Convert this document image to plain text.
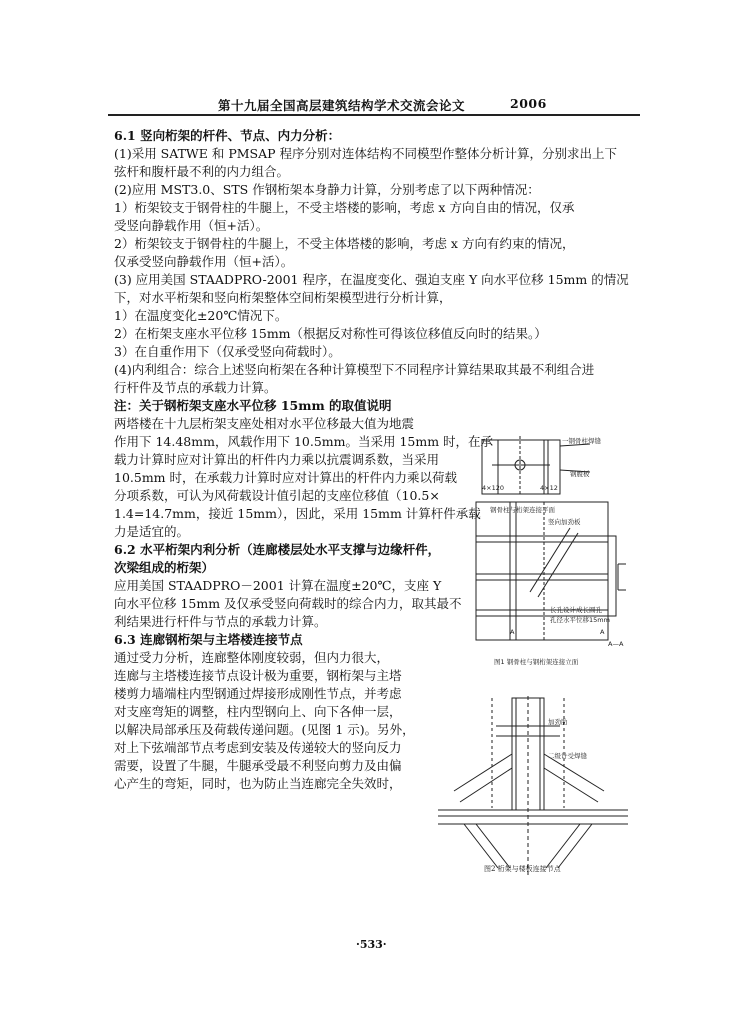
第十九届全国高层建筑结构学术交流会论文	2006
6.1 竖向桁架的杆件、节点、内力分析：
(1)采用 SATWE 和 PMSAP 程序分别对连体结构不同模型作整体分析计算，分别求出上下
弦杆和腹杆最不利的内力组合。
(2)应用 MST3.0、STS 作钢桁架本身静力计算，分别考虑了以下两种情况：
1）桁架铰支于钢骨柱的牛腿上，不受主塔楼的影响，考虑 x 方向自由的情况，仅承
受竖向静载作用（恒+活）。
2）桁架铰支于钢骨柱的牛腿上，不受主体塔楼的影响，考虑 x 方向有约束的情况，
仅承受竖向静载作用（恒+活）。
(3) 应用美国 STAADPRO-2001 程序，在温度变化、强迫支座 Y 向水平位移 15mm 的情况
下，对水平桁架和竖向桁架整体空间桁架模型进行分析计算，
1）在温度变化±20℃情况下。
2）在桁架支座水平位移 15mm（根据反对称性可得该位移值反向时的结果。）
3）在自重作用下（仅承受竖向荷载时）。
(4)内利组合：综合上述竖向桁架在各种计算模型下不同程序计算结果取其最不利组合进
行杆件及节点的承载力计算。
注：关于钢桁架支座水平位移 15mm 的取值说明
两塔楼在十九层桁架支座处相对水平位移最大值为地震
作用下 14.48mm，风载作用下 10.5mm。当采用 15mm 时，在承
载力计算时应对计算出的杆件内力乘以抗震调系数，当采用
10.5mm 时，在承载力计算时应对计算出的杆件内力乘以荷载
分项系数，可认为风荷载设计值引起的支座位移值（10.5×
1.4=14.7mm，接近 15mm），因此，采用 15mm 计算杆件承载
力是适宜的。
6.2 水平桁架内利分析（连廊楼层处水平支撑与边缘杆件，
次梁组成的桁架）
应用美国 STAADPRO－2001 计算在温度±20℃，支座 Y
向水平位移 15mm 及仅承受竖向荷载时的综合内力，取其最不
利结果进行杆件与节点的承载力计算。
6.3 连廊钢桁架与主塔楼连接节点
通过受力分析，连廊整体刚度较弱，但内力很大，
连廊与主塔楼连接节点设计极为重要，钢桁架与主塔
楼剪力墙端柱内型钢通过焊接形成刚性节点，并考虑
对支座弯矩的调整，柱内型钢向上、向下各伸一层，
以解决局部承压及荷载传递问题。(见图 1 示)。另外，
对上下弦端部节点考虑到安装及传递较大的竖向反力
需要，设置了牛腿，牛腿承受最不利竖向剪力及由偏
心产生的弯矩，同时，也为防止当连廊完全失效时，
一钢骨柱焊缝
钢腹板
4×120	4×12
钢骨柱与桁架连接平面
竖向加劲板
长孔设计成长圆孔
孔径水平位移15mm
A	A
A—A
图1 钢骨柱与钢桁架连接立面
加劲肋
二级计受焊缝
图2 桁架与楼板连接节点
·533·
